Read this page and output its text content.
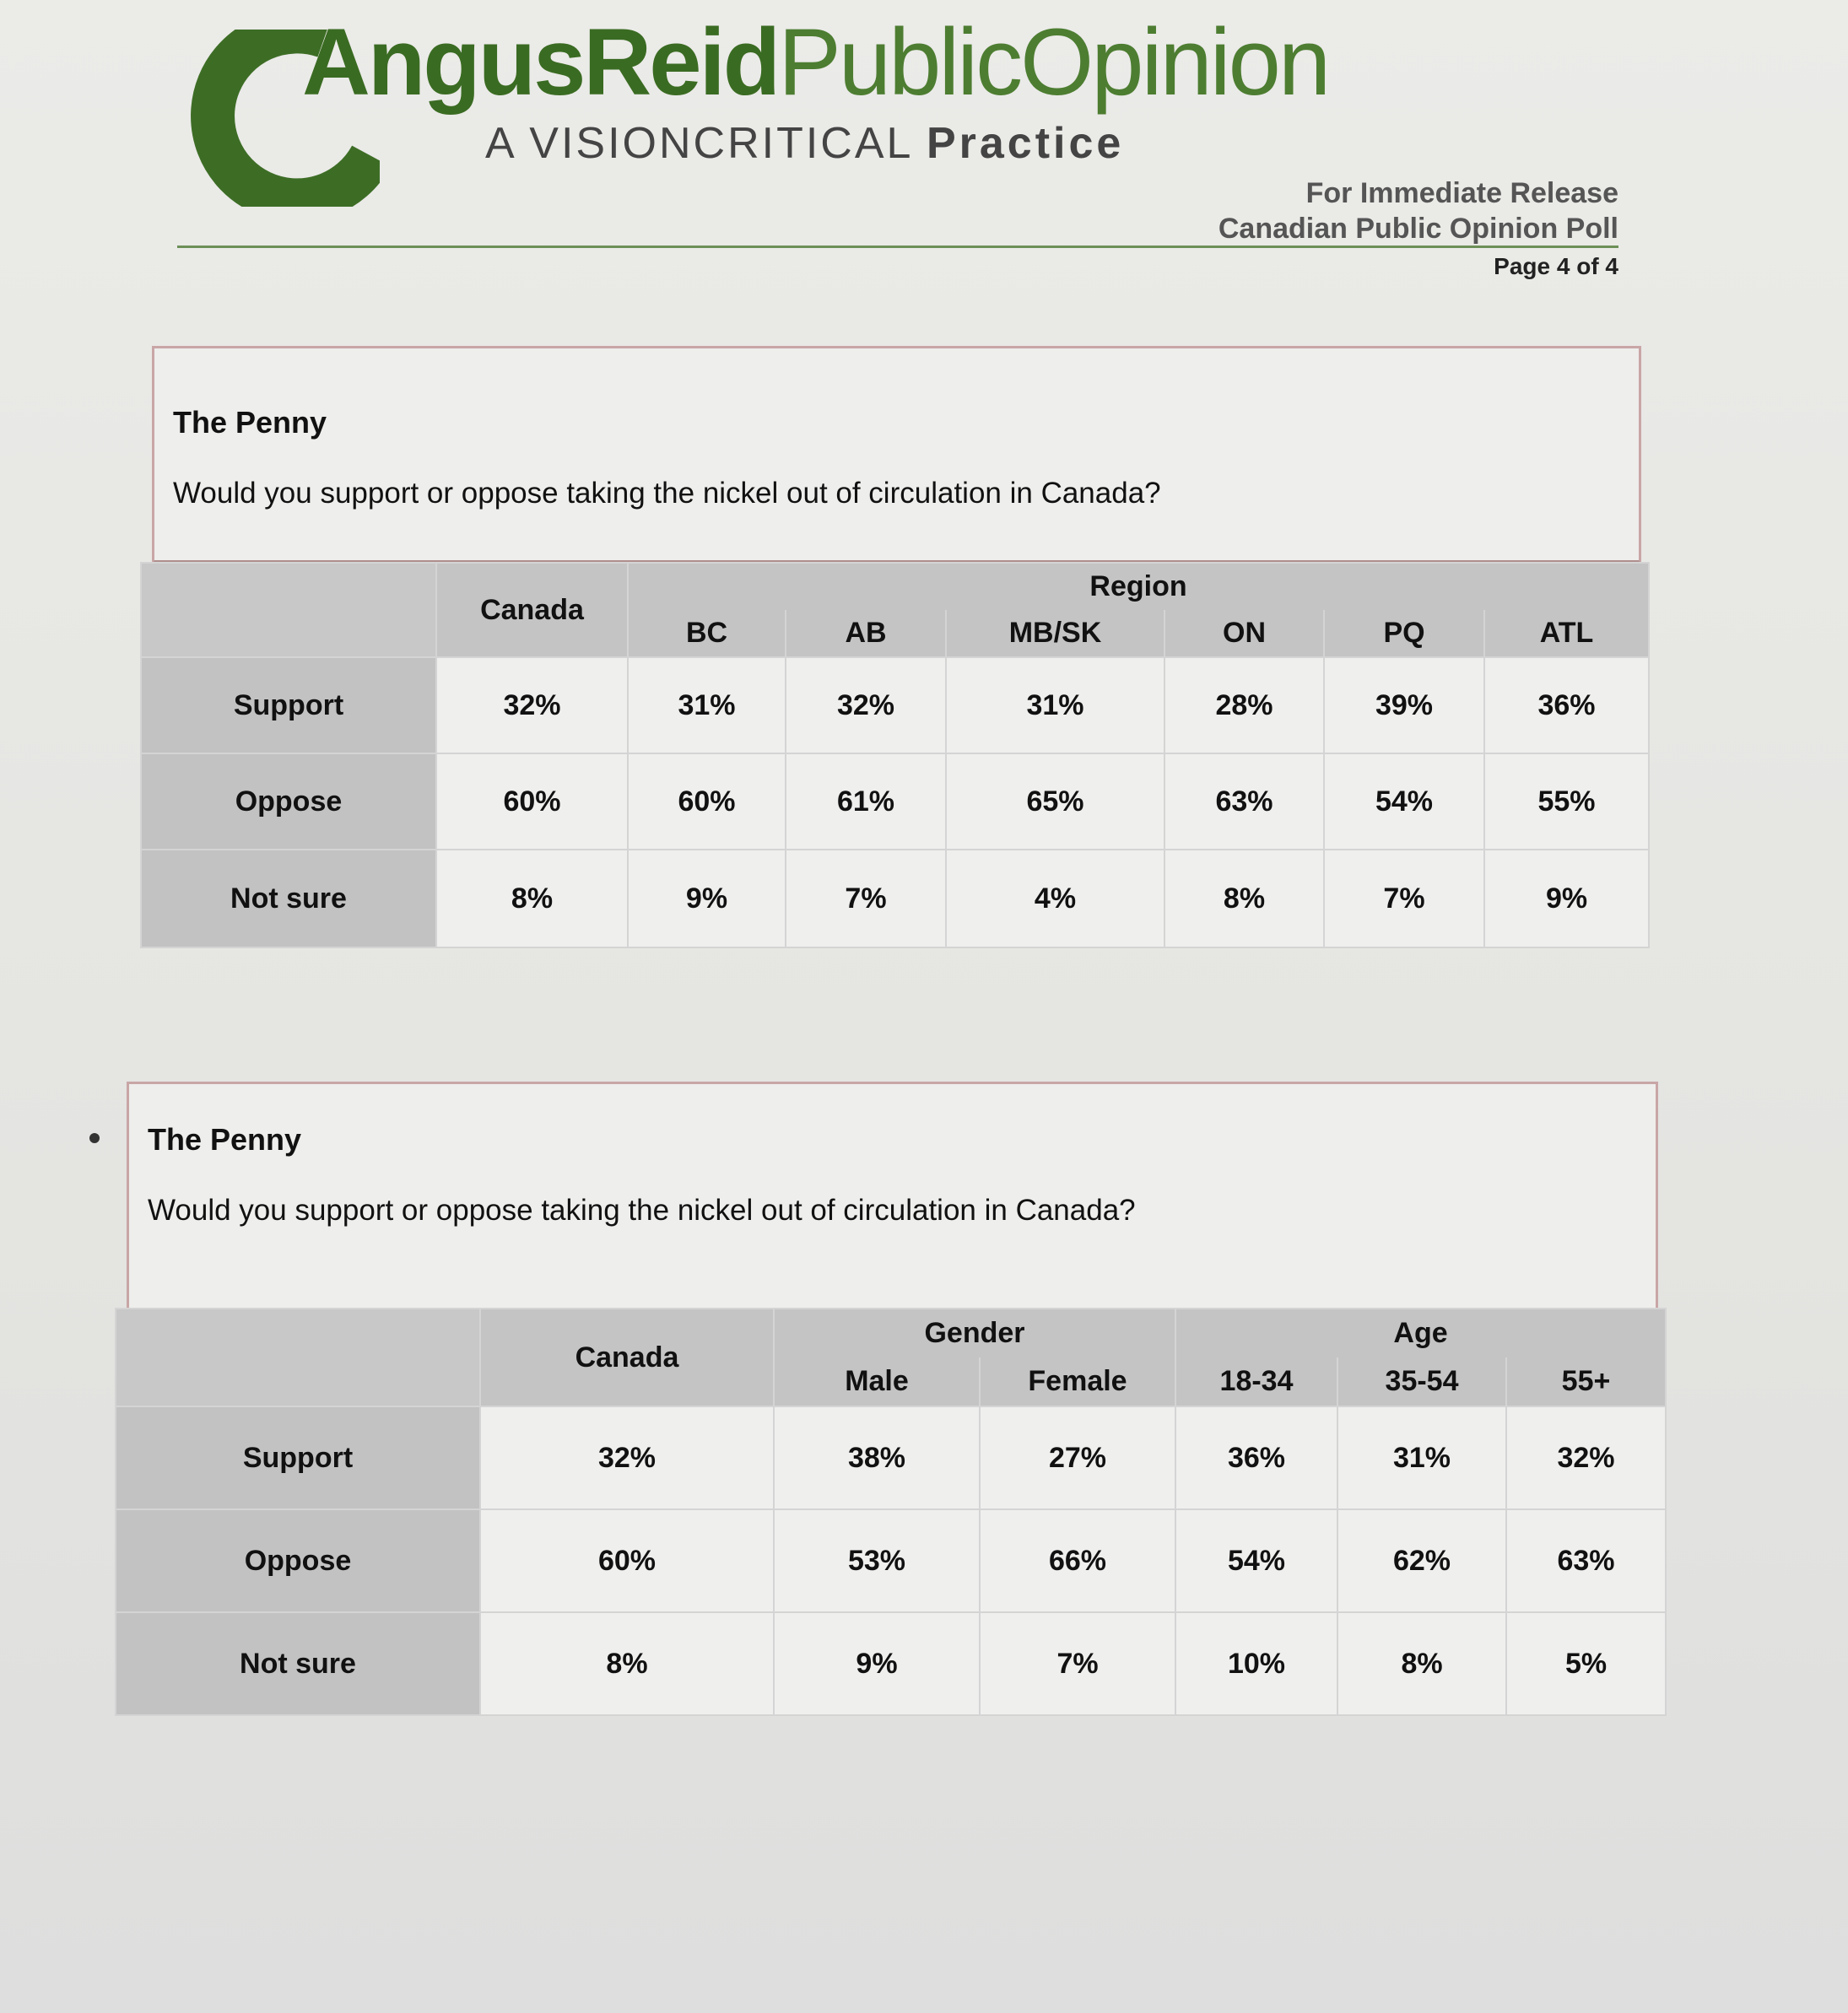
AngusReidPublicOpinion
A VISIONCRITICAL Practice
For Immediate Release
Canadian Public Opinion Poll
Page 4 of 4
The Penny
Would you support or oppose taking the nickel out of circulation in Canada?
	Canada	Region					
		BC	AB	MB/SK	ON	PQ	ATL
Support	32%	31%	32%	31%	28%	39%	36%
Oppose	60%	60%	61%	65%	63%	54%	55%
Not sure	8%	9%	7%	4%	8%	7%	9%
The Penny
Would you support or oppose taking the nickel out of circulation in Canada?
	Canada	Gender		Age		
		Male	Female	18-34	35-54	55+
Support	32%	38%	27%	36%	31%	32%
Oppose	60%	53%	66%	54%	62%	63%
Not sure	8%	9%	7%	10%	8%	5%
